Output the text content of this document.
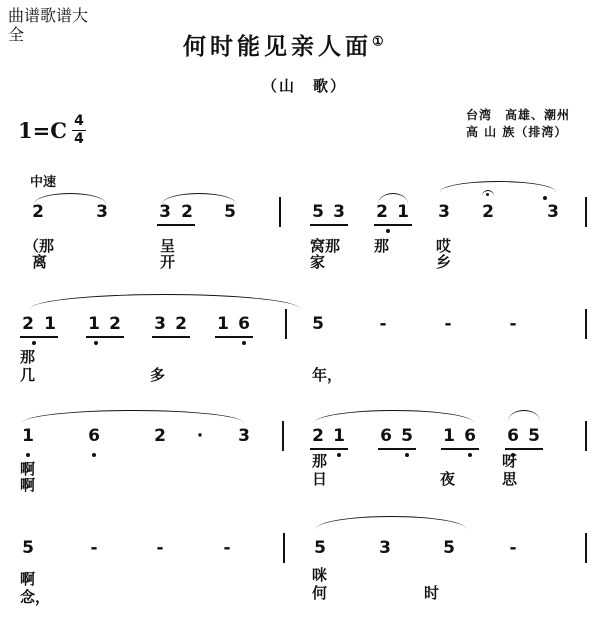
曲谱歌谱大
全	何时能见亲人面①
（山　歌）
1=C 4
4
台湾　高雄、潮州
高 山 族（排湾）
中速
2	3	3 2 5	5 3 2 1 3 2	3
（那	呈	窝那 那	哎
离	开	家	乡
2 1 1 2 3 2 1 6	5	-	-	-
那
几	多	年，
1	6	2 · 3	2 1 6 5 1 6 6 5
啊	那	呀
啊	日	夜	思
5	-	-	-	5	3	5	-
啊	咪
念，	何	时
